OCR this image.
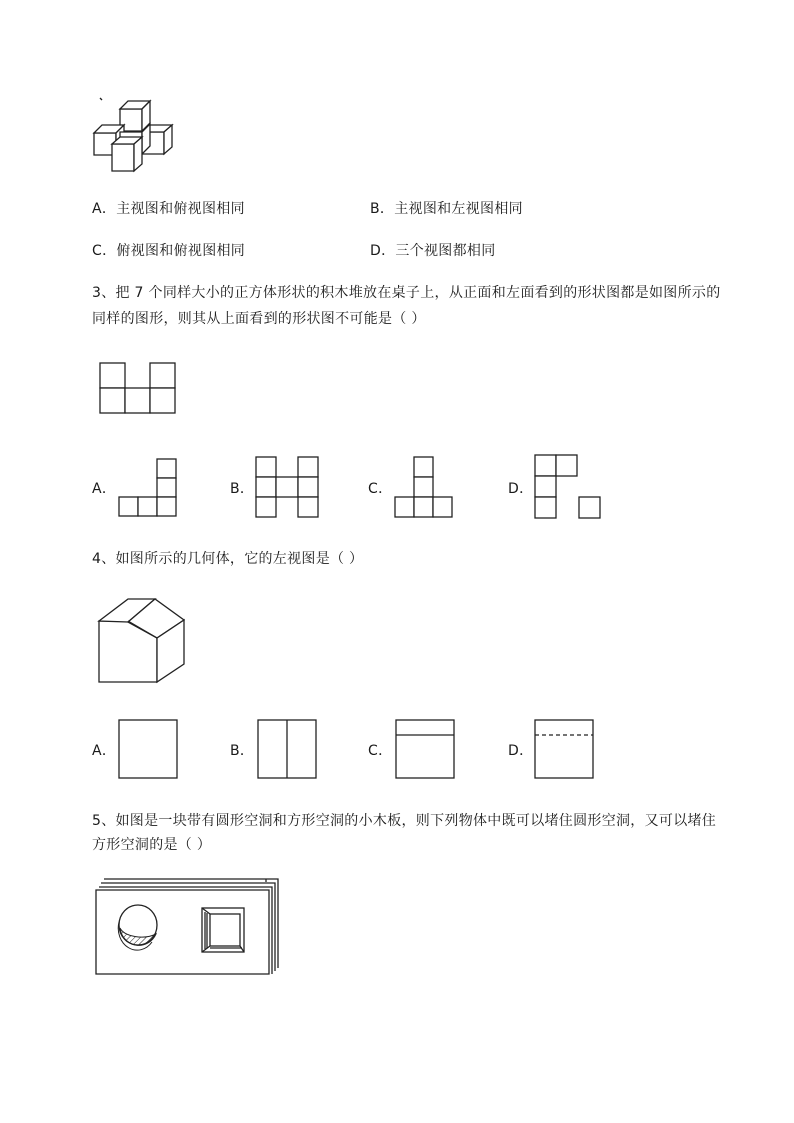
A．主视图和俯视图相同	B．主视图和左视图相同
C．俯视图和俯视图相同	D．三个视图都相同
3、把 7 个同样大小的正方体形状的积木堆放在桌子上，从正面和左面看到的形状图都是如图所示的
同样的图形，则其从上面看到的形状图不可能是（ ）
A．	B．	C．	D．
4、如图所示的几何体，它的左视图是（ ）
A．	B．	C．	D．
5、如图是一块带有圆形空洞和方形空洞的小木板，则下列物体中既可以堵住圆形空洞，又可以堵住
方形空洞的是（ ）
